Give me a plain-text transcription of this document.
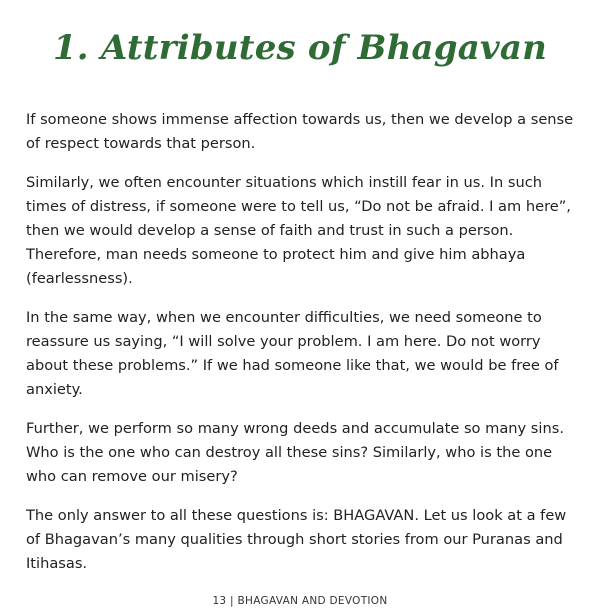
1. Attributes of Bhagavan

If someone shows immense affection towards us, then we develop a sense of respect towards that person.

Similarly, we often encounter situations which instill fear in us. In such times of distress, if someone were to tell us, “Do not be afraid. I am here”, then we would develop a sense of faith and trust in such a person. Therefore, man needs someone to protect him and give him abhaya (fearlessness).

In the same way, when we encounter difficulties, we need someone to reassure us saying, “I will solve your problem. I am here. Do not worry about these problems.” If we had someone like that, we would be free of anxiety.

Further, we perform so many wrong deeds and accumulate so many sins. Who is the one who can destroy all these sins? Similarly, who is the one who can remove our misery?

The only answer to all these questions is: BHAGAVAN. Let us look at a few of Bhagavan’s many qualities through short stories from our Puranas and Itihasas.

13 | BHAGAVAN AND DEVOTION
